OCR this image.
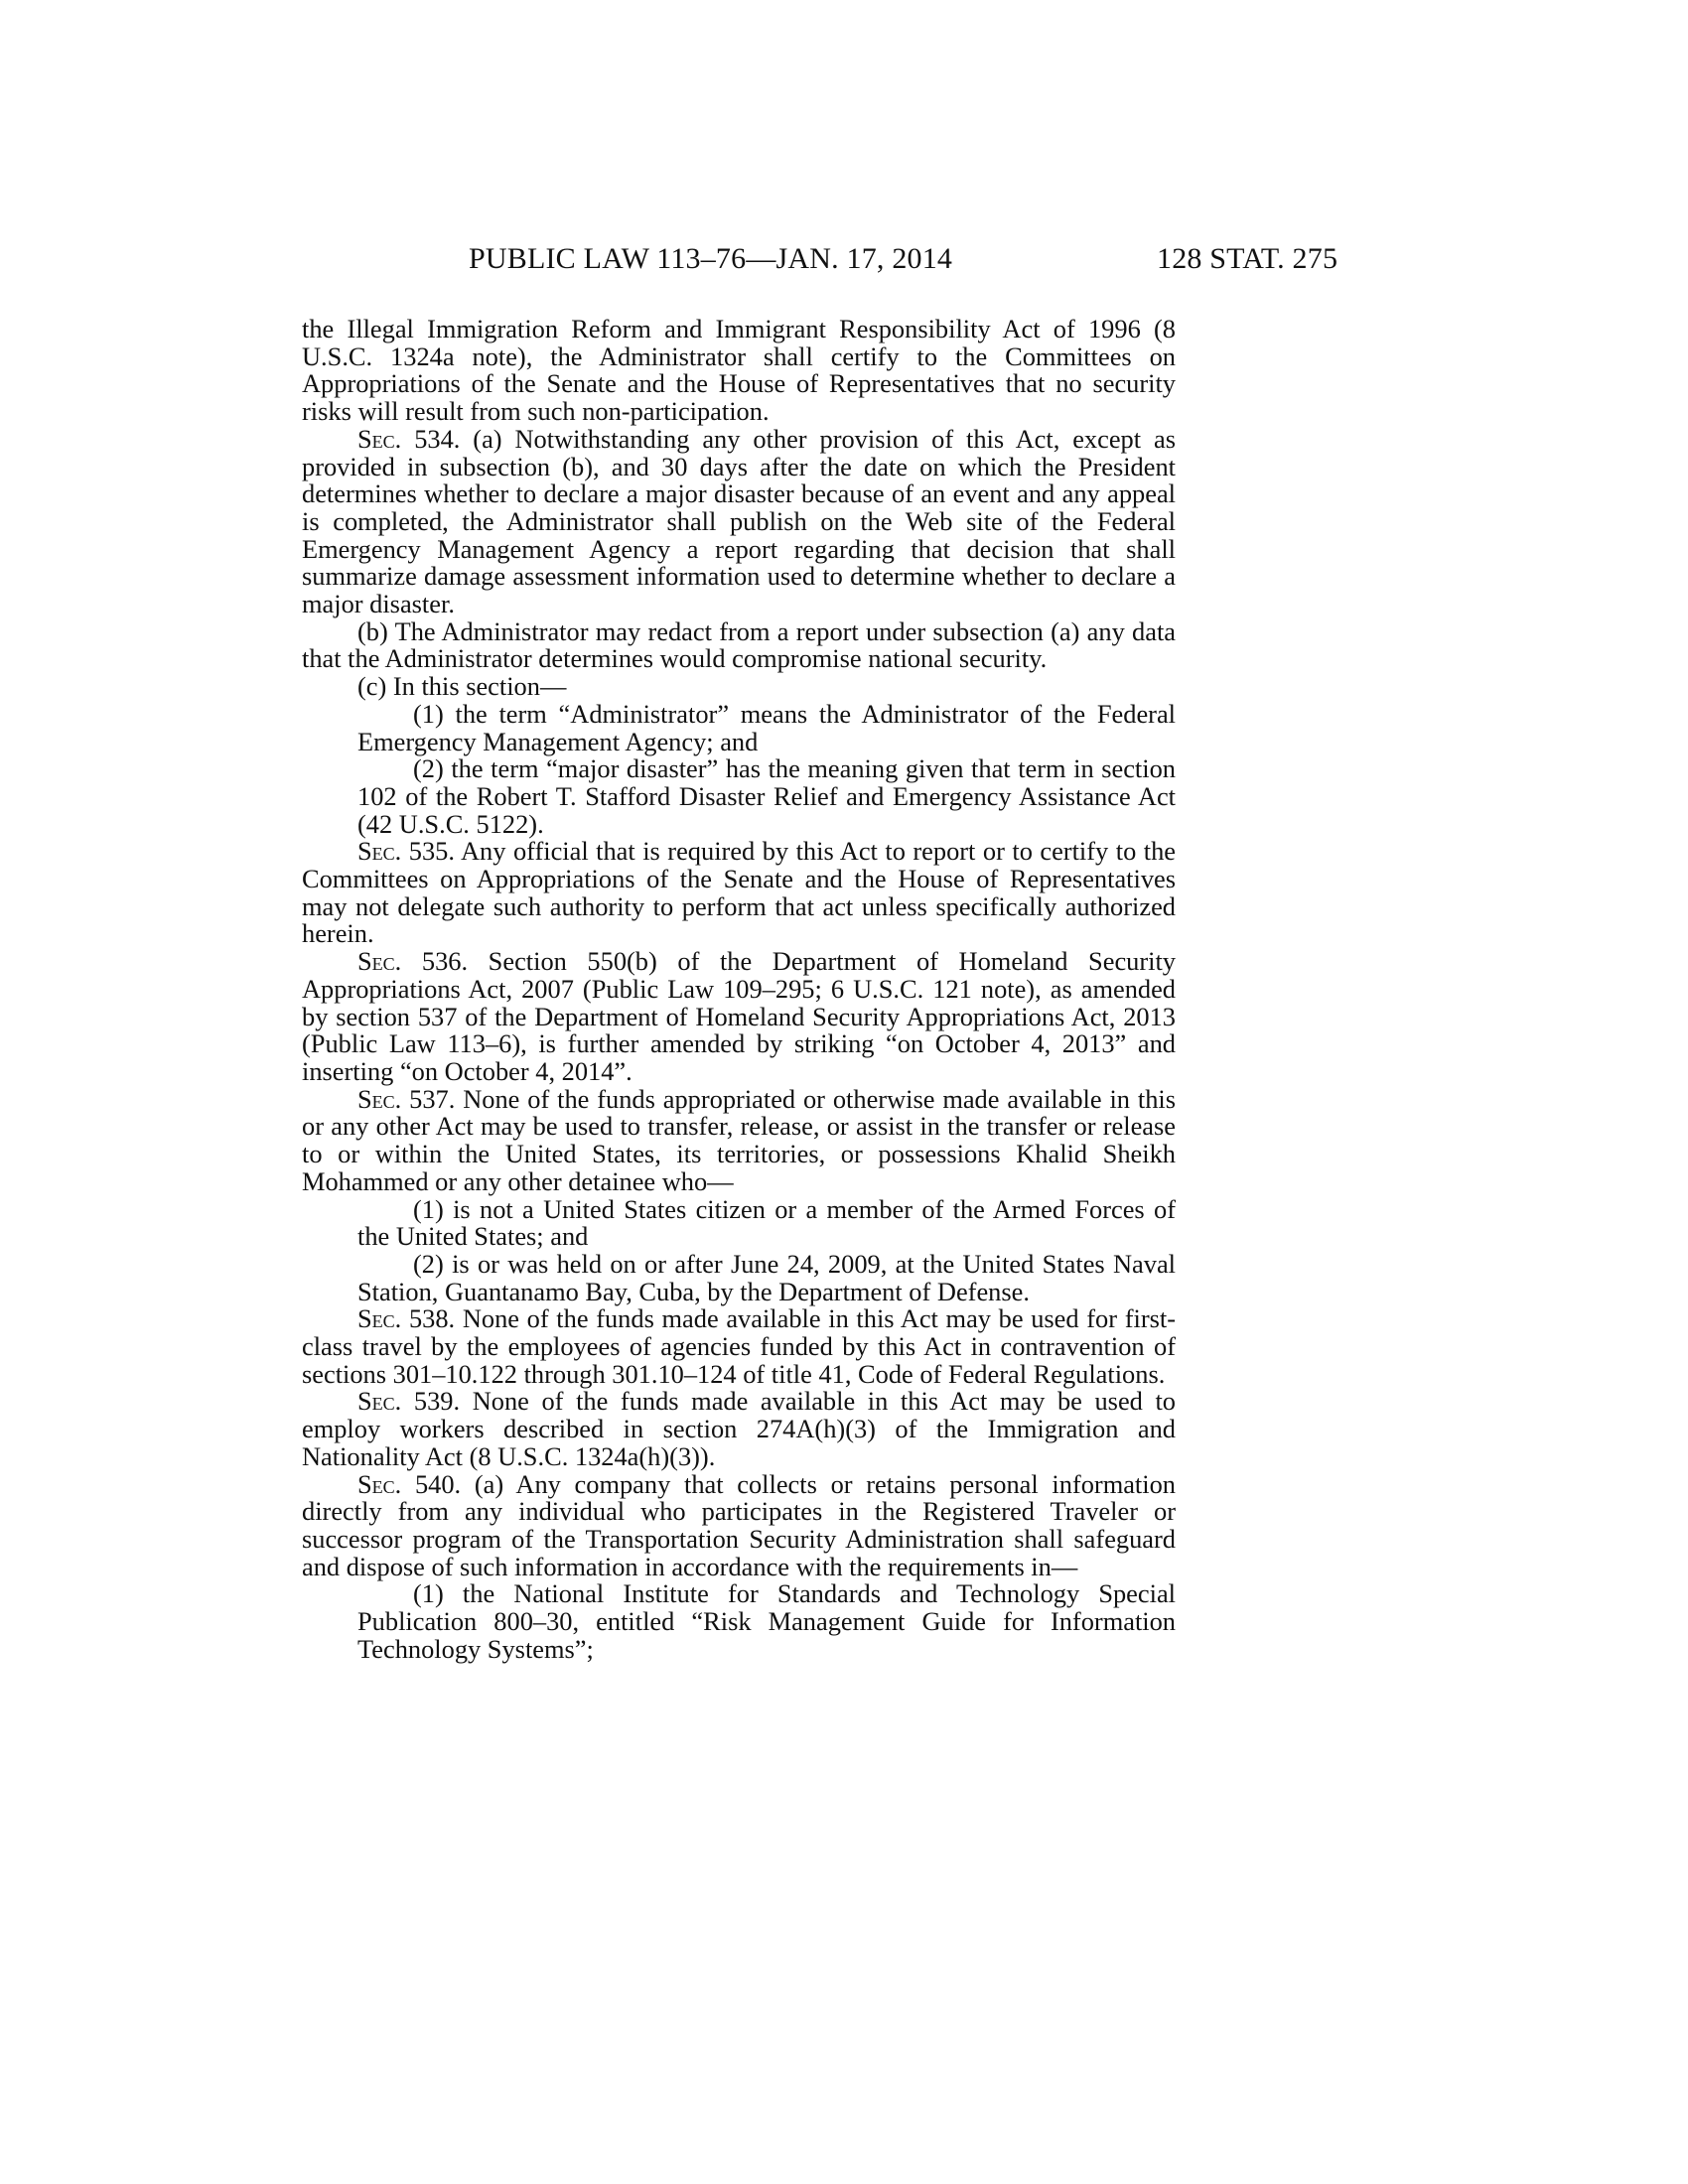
PUBLIC LAW 113–76—JAN. 17, 2014	128 STAT. 275

the Illegal Immigration Reform and Immigrant Responsibility Act of 1996 (8 U.S.C. 1324a note), the Administrator shall certify to the Committees on Appropriations of the Senate and the House of Representatives that no security risks will result from such non-participation.

Sec. 534. (a) Notwithstanding any other provision of this Act, except as provided in subsection (b), and 30 days after the date on which the President determines whether to declare a major disaster because of an event and any appeal is completed, the Administrator shall publish on the Web site of the Federal Emergency Management Agency a report regarding that decision that shall summarize damage assessment information used to determine whether to declare a major disaster.

(b) The Administrator may redact from a report under subsection (a) any data that the Administrator determines would compromise national security.

(c) In this section—

(1) the term “Administrator” means the Administrator of the Federal Emergency Management Agency; and

(2) the term “major disaster” has the meaning given that term in section 102 of the Robert T. Stafford Disaster Relief and Emergency Assistance Act (42 U.S.C. 5122).

Sec. 535. Any official that is required by this Act to report or to certify to the Committees on Appropriations of the Senate and the House of Representatives may not delegate such authority to perform that act unless specifically authorized herein.

Sec. 536. Section 550(b) of the Department of Homeland Security Appropriations Act, 2007 (Public Law 109–295; 6 U.S.C. 121 note), as amended by section 537 of the Department of Homeland Security Appropriations Act, 2013 (Public Law 113–6), is further amended by striking “on October 4, 2013” and inserting “on October 4, 2014”.

Sec. 537. None of the funds appropriated or otherwise made available in this or any other Act may be used to transfer, release, or assist in the transfer or release to or within the United States, its territories, or possessions Khalid Sheikh Mohammed or any other detainee who—

(1) is not a United States citizen or a member of the Armed Forces of the United States; and

(2) is or was held on or after June 24, 2009, at the United States Naval Station, Guantanamo Bay, Cuba, by the Department of Defense.

Sec. 538. None of the funds made available in this Act may be used for first-class travel by the employees of agencies funded by this Act in contravention of sections 301–10.122 through 301.10–124 of title 41, Code of Federal Regulations.

Sec. 539. None of the funds made available in this Act may be used to employ workers described in section 274A(h)(3) of the Immigration and Nationality Act (8 U.S.C. 1324a(h)(3)).

Sec. 540. (a) Any company that collects or retains personal information directly from any individual who participates in the Registered Traveler or successor program of the Transportation Security Administration shall safeguard and dispose of such information in accordance with the requirements in—

(1) the National Institute for Standards and Technology Special Publication 800–30, entitled “Risk Management Guide for Information Technology Systems”;
